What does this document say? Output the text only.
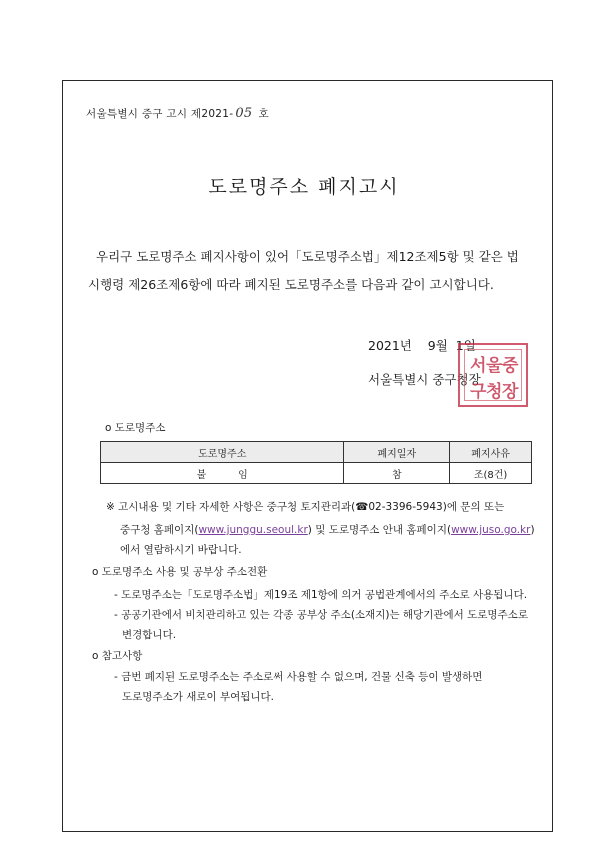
서울특별시 중구 고시 제2021- 05 호
도로명주소 폐지고시
우리구 도로명주소 폐지사항이 있어「도로명주소법」제12조제5항 및 같은 법
시행령 제26조제6항에 따라 폐지된 도로명주소를 다음과 같이 고시합니다.
2021년 9월 1일
서울특별시 중구청장
서 울 중
구 청 장
o 도로명주소
도로명주소	폐지일자	폐지사유
불          임	참	조(8건)
※ 고시내용 및 기타 자세한 사항은 중구청 토지관리과(☎02-3396-5943)에 문의 또는
중구청 홈페이지(www.junggu.seoul.kr) 및 도로명주소 안내 홈페이지(www.juso.go.kr)
에서 열람하시기 바랍니다.
o 도로명주소 사용 및 공부상 주소전환
- 도로명주소는「도로명주소법」제19조 제1항에 의거 공법관계에서의 주소로 사용됩니다.
- 공공기관에서 비치관리하고 있는 각종 공부상 주소(소재지)는 해당기관에서 도로명주소로
변경합니다.
o 참고사항
- 금번 폐지된 도로명주소는 주소로써 사용할 수 없으며, 건물 신축 등이 발생하면
도로명주소가 새로이 부여됩니다.
